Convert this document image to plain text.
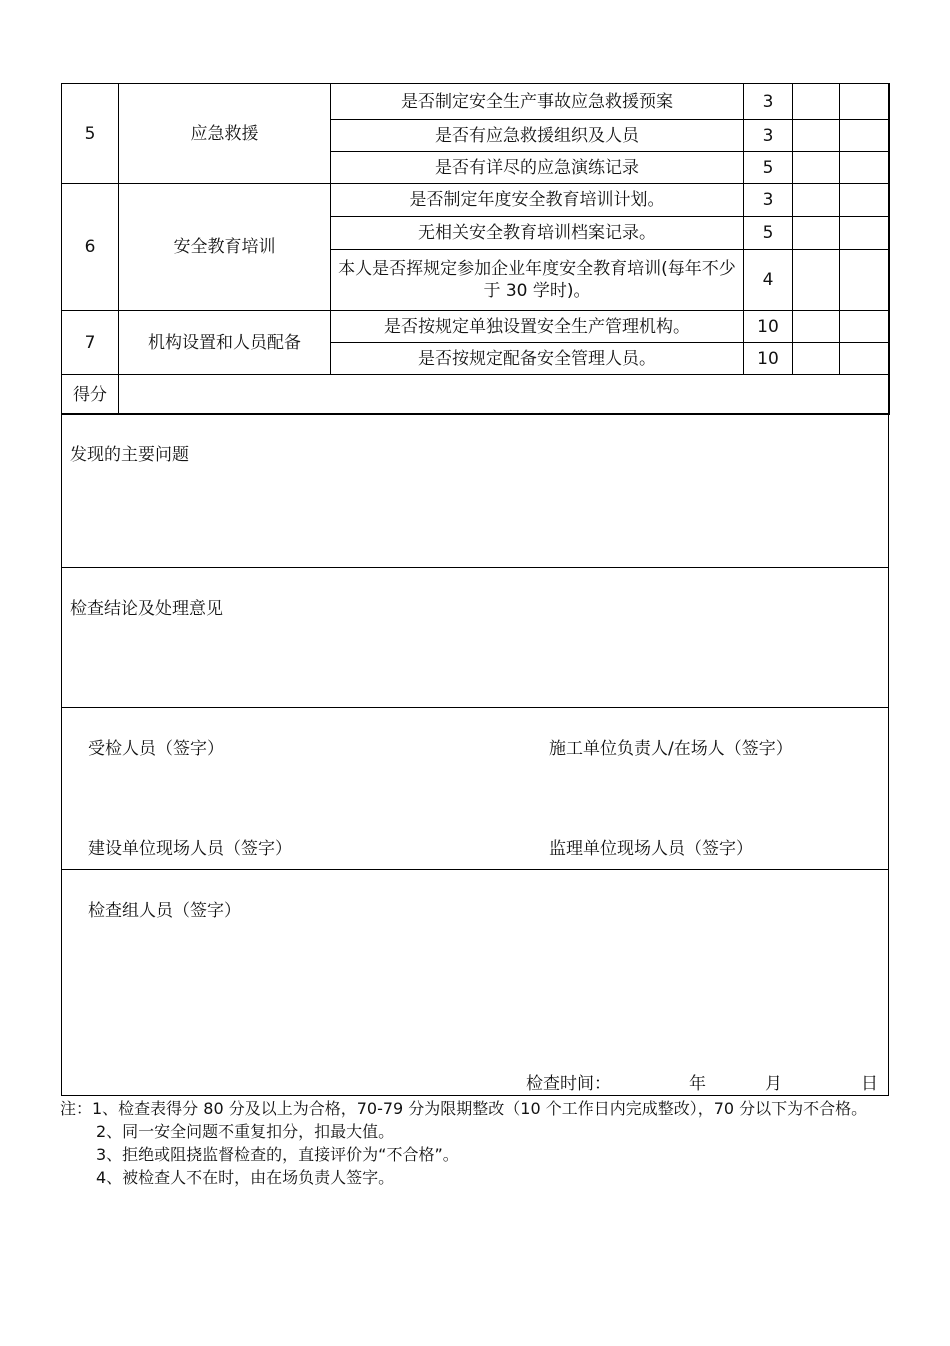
5	应急救援	是否制定安全生产事故应急救援预案	3		
		是否有应急救援组织及人员	3		
		是否有详尽的应急演练记录	5		
6	安全教育培训	是否制定年度安全教育培训计划。	3		
		无相关安全教育培训档案记录。	5		
		本人是否挥规定参加企业年度安全教育培训(每年不少于 30 学时)。	4		
7	机构设置和人员配备	是否按规定单独设置安全生产管理机构。	10		
		是否按规定配备安全管理人员。	10		
得分					
发现的主要问题
检查结论及处理意见
受检人员（签字）	施工单位负责人/在场人（签字）
建设单位现场人员（签字）	监理单位现场人员（签字）
检查组人员（签字）
检查时间：	年	月	日

注：1、检查表得分 80 分及以上为合格，70-79 分为限期整改（10 个工作日内完成整改），70 分以下为不合格。

2、同一安全问题不重复扣分，扣最大值。

3、拒绝或阻挠监督检查的，直接评价为“不合格”。

4、被检查人不在时，由在场负责人签字。
